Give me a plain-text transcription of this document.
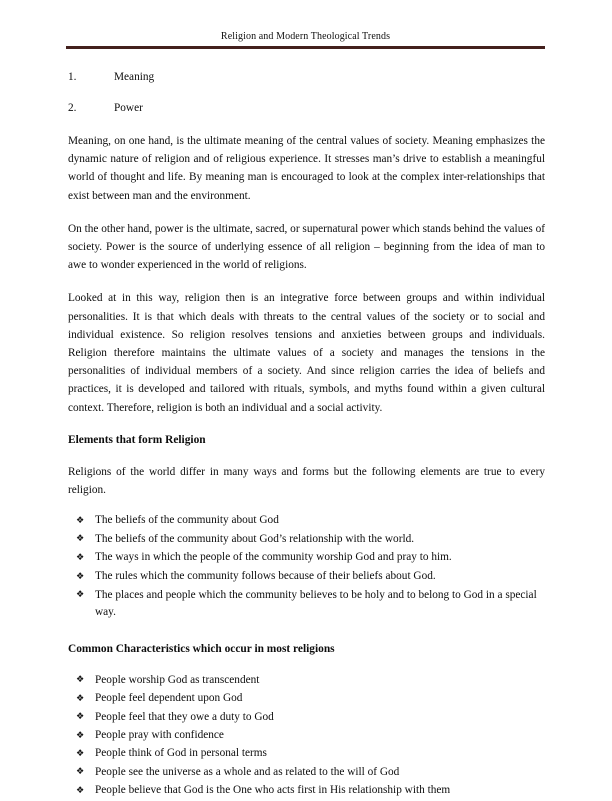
Religion and Modern Theological Trends
1.	Meaning
2.	Power

Meaning, on one hand, is the ultimate meaning of the central values of society. Meaning emphasizes the dynamic nature of religion and of religious experience. It stresses man’s drive to establish a meaningful world of thought and life. By meaning man is encouraged to look at the complex inter-relationships that exist between man and the environment.

On the other hand, power is the ultimate, sacred, or supernatural power which stands behind the values of society. Power is the source of underlying essence of all religion – beginning from the idea of man to awe to wonder experienced in the world of religions.

Looked at in this way, religion then is an integrative force between groups and within individual personalities. It is that which deals with threats to the central values of the society or to social and individual existence. So religion resolves tensions and anxieties between groups and individuals. Religion therefore maintains the ultimate values of a society and manages the tensions in the personalities of individual members of a society. And since religion carries the idea of beliefs and practices, it is developed and tailored with rituals, symbols, and myths found within a given cultural context. Therefore, religion is both an individual and a social activity.

Elements that form Religion

Religions of the world differ in many ways and forms but the following elements are true to every religion.

❖ The beliefs of the community about God
❖ The beliefs of the community about God’s relationship with the world.
❖ The ways in which the people of the community worship God and pray to him.
❖ The rules which the community follows because of their beliefs about God.
❖ The places and people which the community believes to be holy and to belong to God in a special way.
Common Characteristics which occur in most religions
❖ People worship God as transcendent
❖ People feel dependent upon God
❖ People feel that they owe a duty to God
❖ People pray with confidence
❖ People think of God in personal terms
❖ People see the universe as a whole and as related to the will of God
❖ People believe that God is the One who acts first in His relationship with them
